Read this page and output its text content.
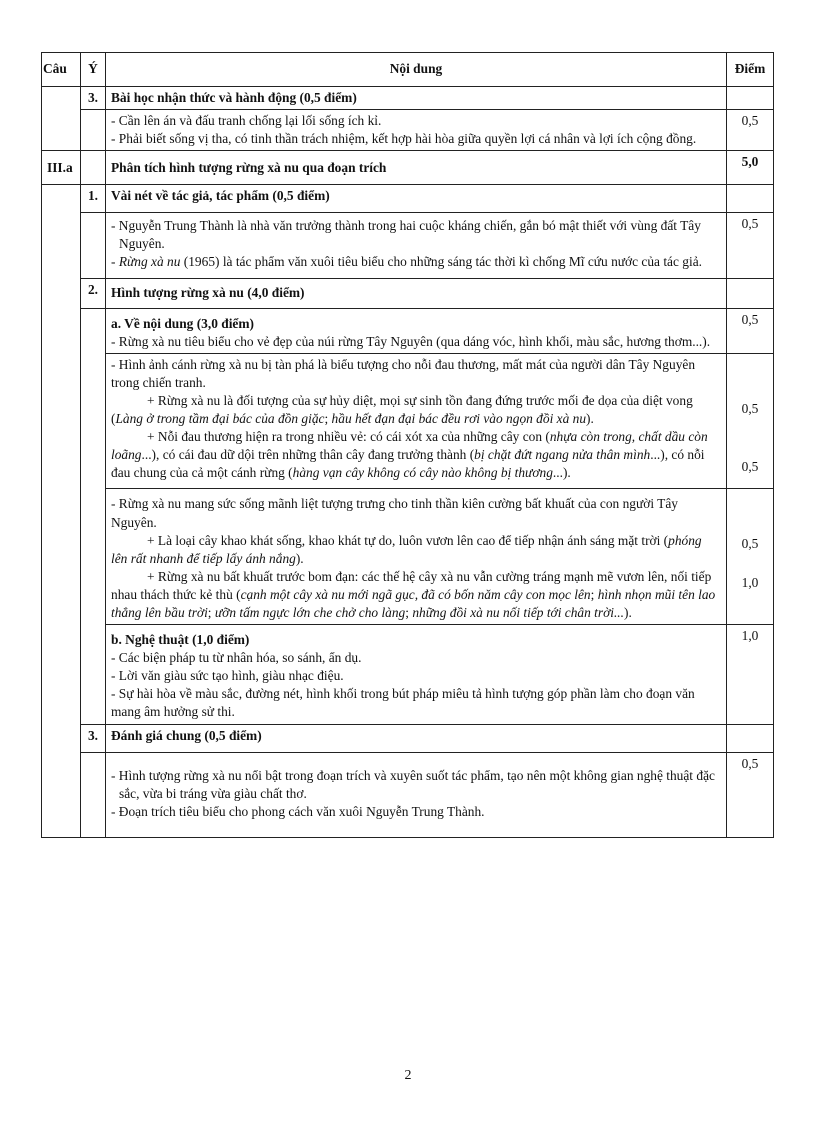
Câu	Ý	Nội dung	Điểm
	3.	Bài học nhận thức và hành động (0,5 điểm)	

		- Cần lên án và đấu tranh chống lại lối sống ích kỉ.
- Phải biết sống vị tha, có tinh thần trách nhiệm, kết hợp hài hòa giữa quyền lợi cá nhân và lợi ích cộng đồng.	0,5
III.a		Phân tích hình tượng rừng xà nu qua đoạn trích	5,0
	1.	Vài nét về tác giả, tác phẩm (0,5 điểm)	

		- Nguyễn Trung Thành là nhà văn trưởng thành trong hai cuộc kháng chiến, gắn bó mật thiết với vùng đất Tây Nguyên.
- Rừng xà nu (1965) là tác phẩm văn xuôi tiêu biểu cho những sáng tác thời kì chống Mĩ cứu nước của tác giả.	0,5
	2.	Hình tượng rừng xà nu (4,0 điểm)	

		a. Về nội dung (3,0 điểm)
- Rừng xà nu tiêu biểu cho vẻ đẹp của núi rừng Tây Nguyên (qua dáng vóc, hình khối, màu sắc, hương thơm...).	0,5

		- Hình ảnh cánh rừng xà nu bị tàn phá là biểu tượng cho nỗi đau thương, mất mát của người dân Tây Nguyên trong chiến tranh.
+ Rừng xà nu là đối tượng của sự hủy diệt, mọi sự sinh tồn đang đứng trước mối đe dọa của diệt vong (Làng ở trong tầm đại bác của đồn giặc; hầu hết đạn đại bác đều rơi vào ngọn đồi xà nu).
+ Nỗi đau thương hiện ra trong nhiều vẻ: có cái xót xa của những cây con (nhựa còn trong, chất dầu còn loãng...), có cái đau dữ dội trên những thân cây đang trưởng thành (bị chặt đứt ngang nửa thân mình...), có nỗi đau chung của cả một cánh rừng (hàng vạn cây không có cây nào không bị thương...).	0,5
0,5

		- Rừng xà nu mang sức sống mãnh liệt tượng trưng cho tinh thần kiên cường bất khuất của con người Tây Nguyên.
+ Là loại cây khao khát sống, khao khát tự do, luôn vươn lên cao để tiếp nhận ánh sáng mặt trời (phóng lên rất nhanh để tiếp lấy ánh nắng).
+ Rừng xà nu bất khuất trước bom đạn: các thế hệ cây xà nu vẫn cường tráng mạnh mẽ vươn lên, nối tiếp nhau thách thức kẻ thù (cạnh một cây xà nu mới ngã gục, đã có bốn năm cây con mọc lên; hình nhọn mũi tên lao thẳng lên bầu trời; ưỡn tấm ngực lớn che chở cho làng; những đồi xà nu nối tiếp tới chân trời...).	0,5
1,0

		b. Nghệ thuật (1,0 điểm)
- Các biện pháp tu từ nhân hóa, so sánh, ẩn dụ.
- Lời văn giàu sức tạo hình, giàu nhạc điệu.
- Sự hài hòa về màu sắc, đường nét, hình khối trong bút pháp miêu tả hình tượng góp phần làm cho đoạn văn mang âm hưởng sử thi.	1,0
	3.	Đánh giá chung (0,5 điểm)	

		- Hình tượng rừng xà nu nổi bật trong đoạn trích và xuyên suốt tác phẩm, tạo nên một không gian nghệ thuật đặc sắc, vừa bi tráng vừa giàu chất thơ.
- Đoạn trích tiêu biểu cho phong cách văn xuôi Nguyễn Trung Thành.	0,5
2
